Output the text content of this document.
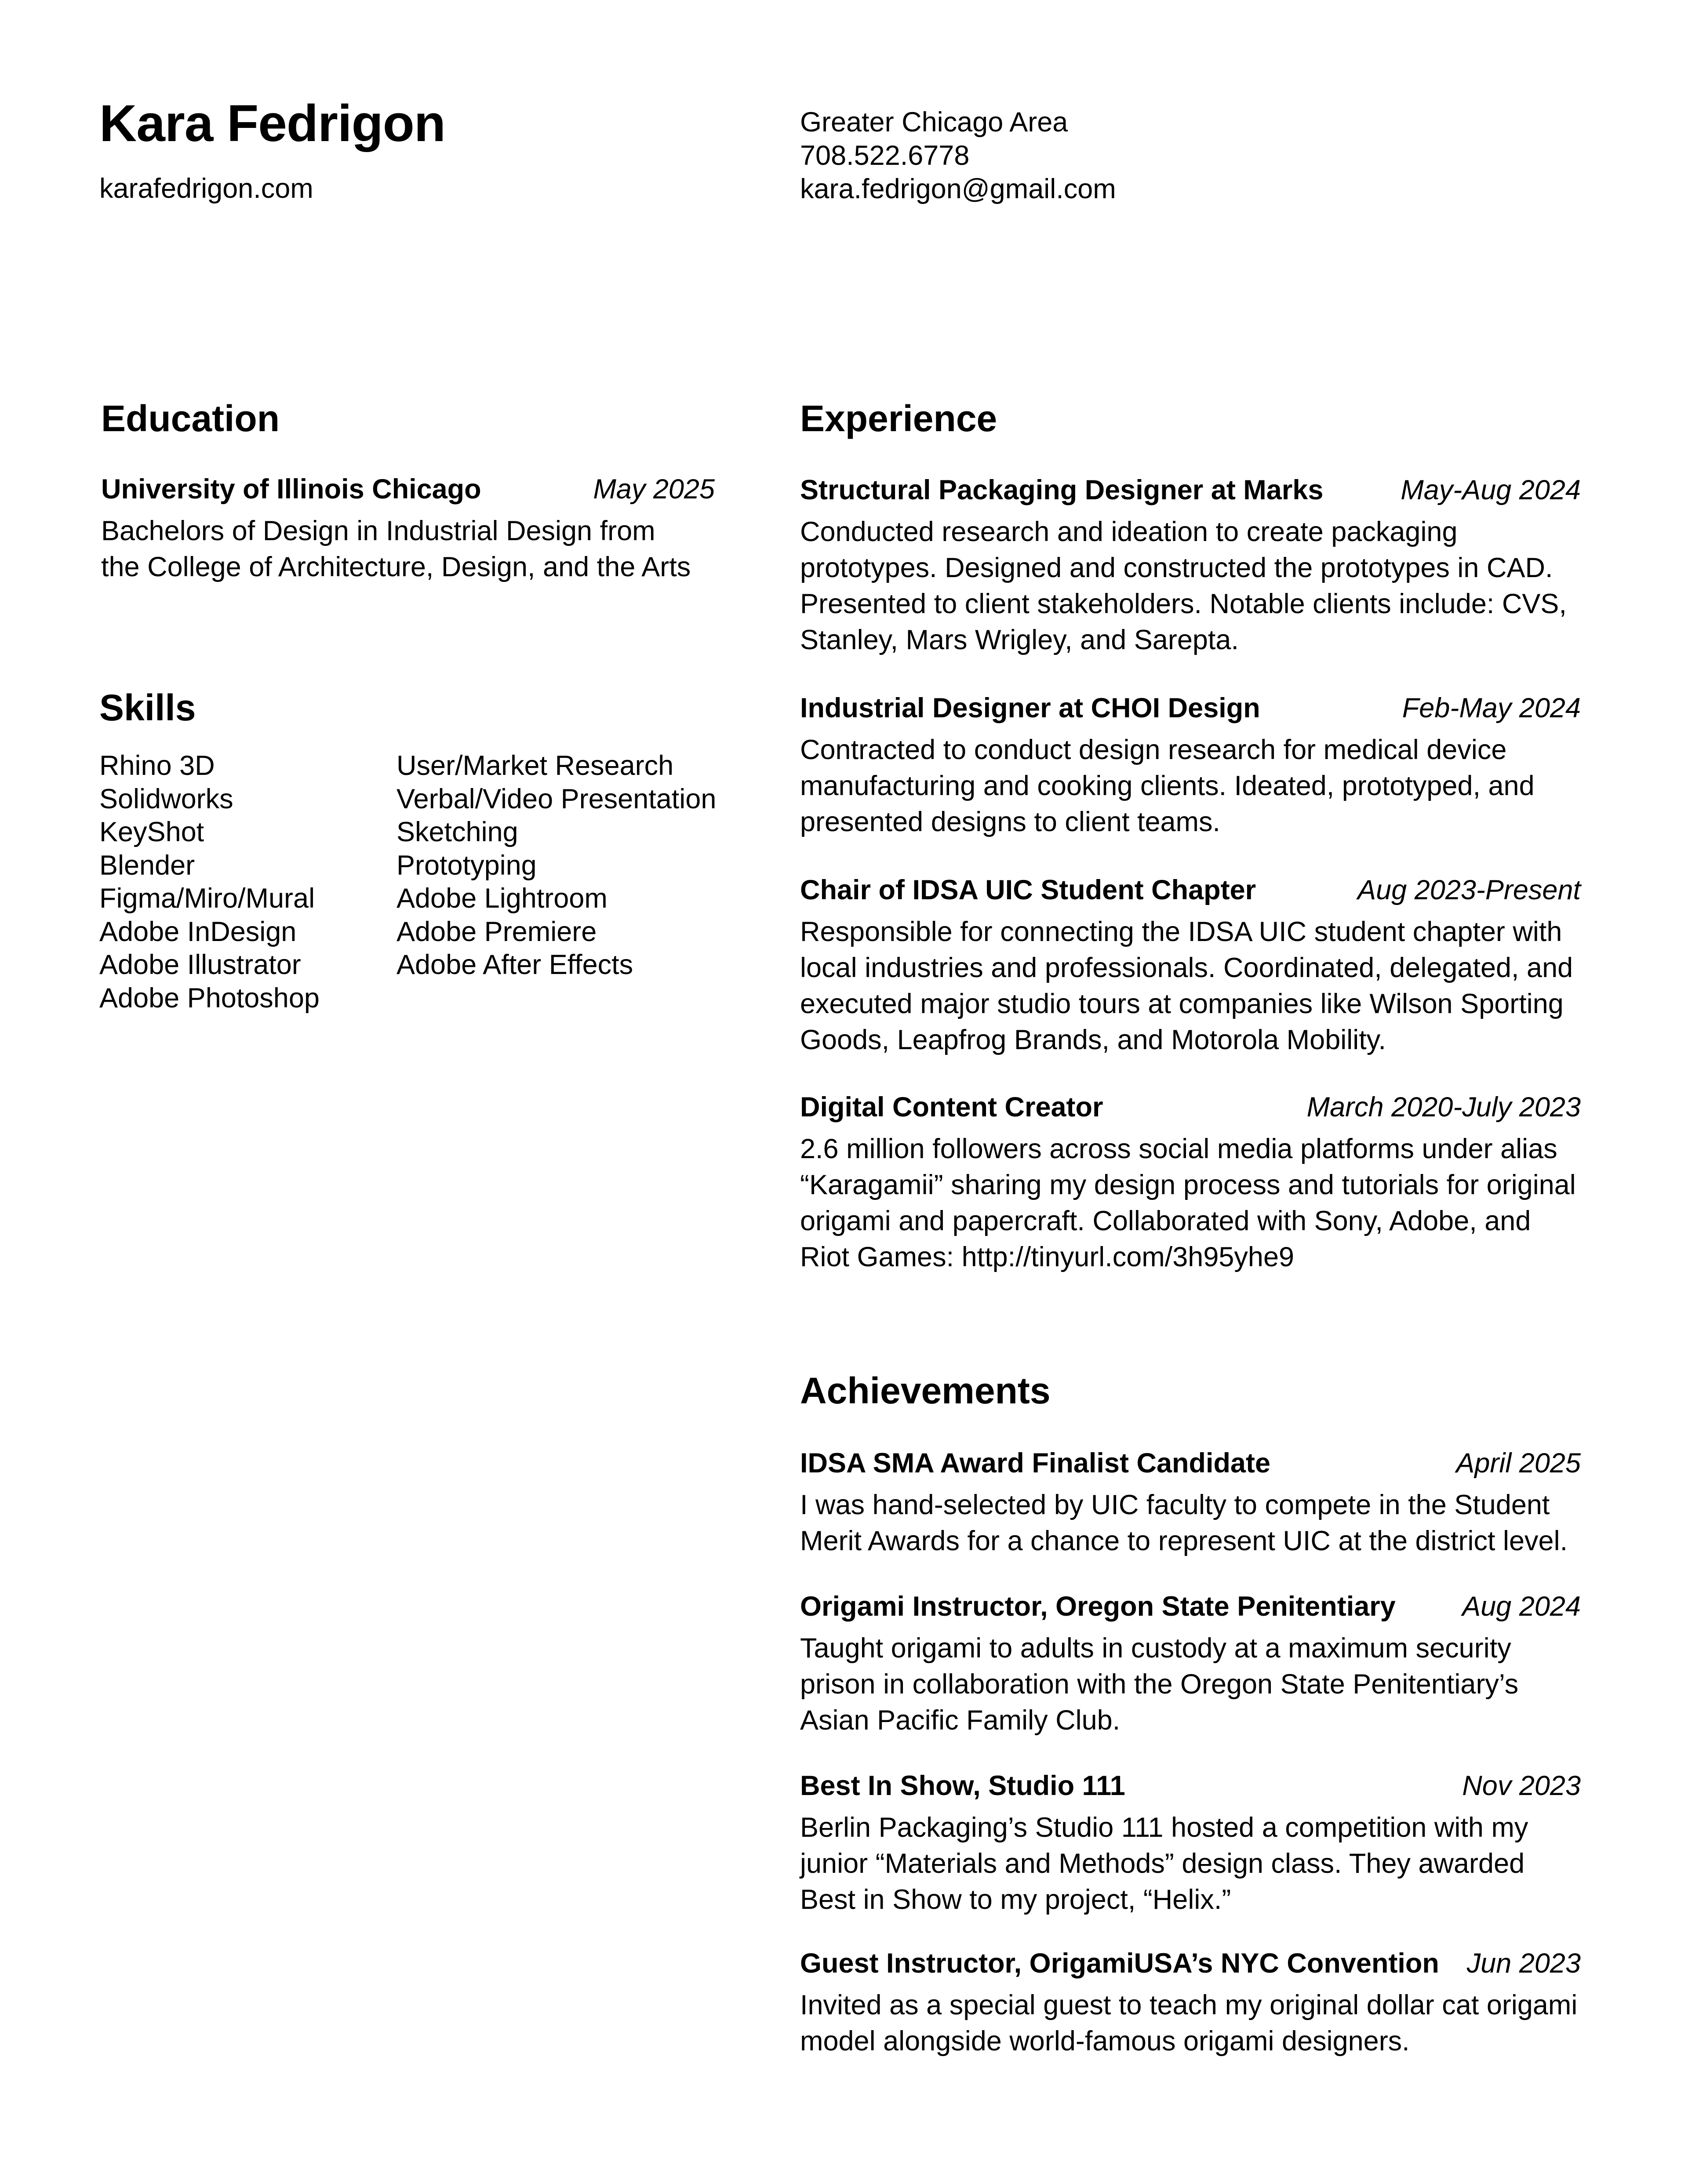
Kara Fedrigon
karafedrigon.com
Greater Chicago Area
708.522.6778
kara.fedrigon@gmail.com
Education
University of Illinois Chicago	May 2025
Bachelors of Design in Industrial Design from
the College of Architecture, Design, and the Arts
Skills
Rhino 3D
Solidworks
KeyShot
Blender
Figma/Miro/Mural
Adobe InDesign
Adobe Illustrator
Adobe Photoshop
User/Market Research
Verbal/Video Presentation
Sketching
Prototyping
Adobe Lightroom
Adobe Premiere
Adobe After Effects
Experience
Structural Packaging Designer at Marks	May-Aug 2024
Conducted research and ideation to create packaging
prototypes. Designed and constructed the prototypes in CAD.
Presented to client stakeholders. Notable clients include: CVS,
Stanley, Mars Wrigley, and Sarepta.
Industrial Designer at CHOI Design	Feb-May 2024
Contracted to conduct design research for medical device
manufacturing and cooking clients. Ideated, prototyped, and
presented designs to client teams.
Chair of IDSA UIC Student Chapter	Aug 2023-Present
Responsible for connecting the IDSA UIC student chapter with
local industries and professionals. Coordinated, delegated, and
executed major studio tours at companies like Wilson Sporting
Goods, Leapfrog Brands, and Motorola Mobility.
Digital Content Creator	March 2020-July 2023
2.6 million followers across social media platforms under alias
“Karagamii” sharing my design process and tutorials for original
origami and papercraft. Collaborated with Sony, Adobe, and
Riot Games: http://tinyurl.com/3h95yhe9
Achievements
IDSA SMA Award Finalist Candidate	April 2025
I was hand-selected by UIC faculty to compete in the Student
Merit Awards for a chance to represent UIC at the district level.
Origami Instructor, Oregon State Penitentiary Aug 2024
Taught origami to adults in custody at a maximum security
prison in collaboration with the Oregon State Penitentiary’s
Asian Pacific Family Club.
Best In Show, Studio 111	Nov 2023
Berlin Packaging’s Studio 111 hosted a competition with my
junior “Materials and Methods” design class. They awarded
Best in Show to my project, “Helix.”
Guest Instructor, OrigamiUSA’s NYC Convention Jun 2023
Invited as a special guest to teach my original dollar cat origami
model alongside world-famous origami designers.
